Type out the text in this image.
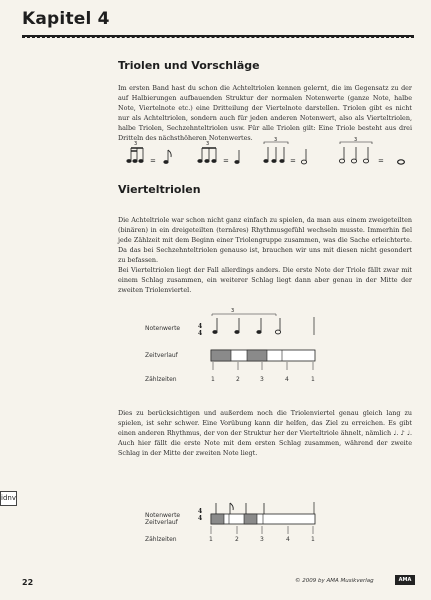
Kapitel 4
Triolen und Vorschläge
Im ersten Band hast du schon die Achteltriolen kennen gelernt, die im Gegensatz zu der auf Halbierungen aufbauenden Struktur der normalen Notenwerte (ganze Note, halbe Note, Viertelnote etc.) eine Dritteilung der Viertelnote darstellen. Triolen gibt es nicht nur als Achteltriolen, sondern auch für jeden anderen Notenwert, also als Vierteltriolen, halbe Triolen, Sechzehnteltriolen usw. Für alle Triolen gilt: Eine Triole besteht aus drei Dritteln des nächsthöheren Notenwertes.
3
=
3
=
3
=
3
=
4
4
3
4
4
Vierteltriolen
Die Achteltriole war schon nicht ganz einfach zu spielen, da man aus einem zweigeteilten (binären) in ein dreigeteilten (ternäres) Rhythmusgefühl wechseln musste. Immerhin fiel jede Zählzeit mit dem Beginn einer Triolengruppe zusammen, was die Sache erleichterte. Da das bei Sechzehnteltriolen genauso ist, brauchen wir uns mit diesen nicht gesondert zu befassen.
Bei Vierteltriolen liegt der Fall allerdings anders. Die erste Note der Triole fällt zwar mit einem Schlag zusammen, ein weiterer Schlag liegt dann aber genau in der Mitte der zweiten Triolenviertel.
Notenwerte
Zeitverlauf
Zählzeiten	1	2	3	4	1
Dies zu berücksichtigen und außerdem noch die Triolenviertel genau gleich lang zu spielen, ist sehr schwer. Eine Vorübung kann dir helfen, das Ziel zu erreichen. Es gibt einen anderen Rhythmus, der von der Struktur her der Vierteltriole ähnelt, nämlich ♩. ♪ ♩. Auch hier fällt die erste Note mit dem ersten Schlag zusammen, während der zweite Schlag in der Mitte der zweiten Note liegt.
Notenwerte
Zählzeiten	1	2	3	4	1
Zeitverlauf
idnv
22	© 2009 by AMA Musikverlag	AMA
